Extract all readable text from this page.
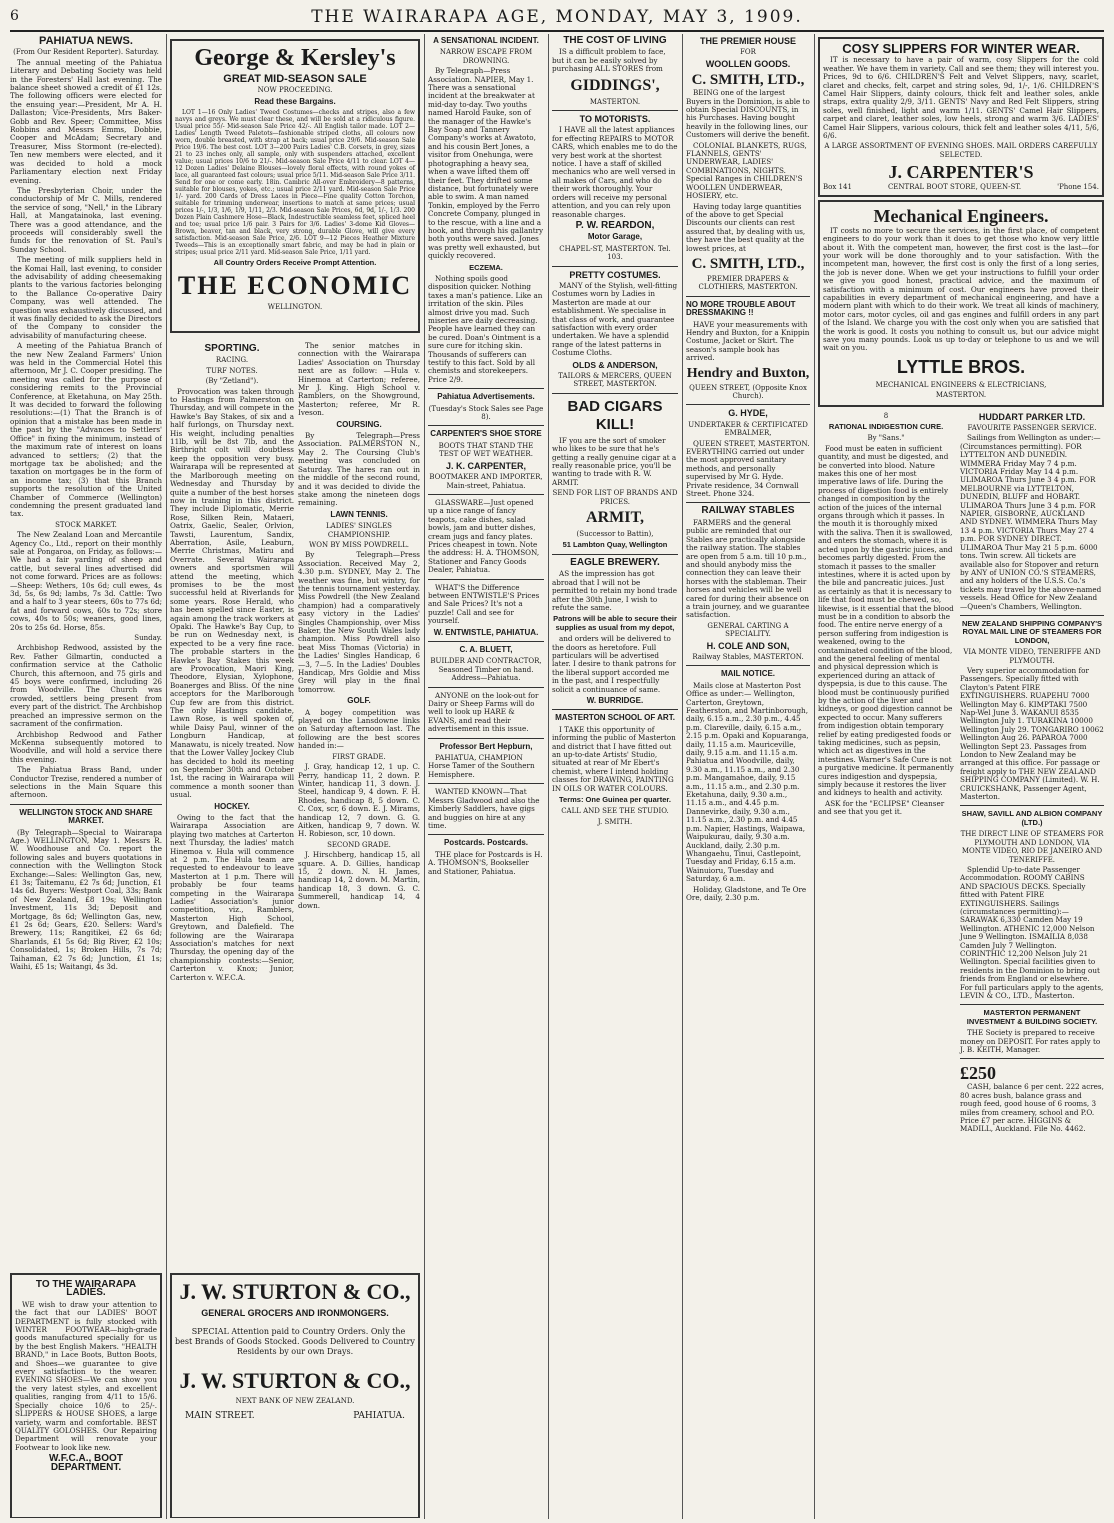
6	THE WAIRARAPA AGE, MONDAY, MAY 3, 1909.
PAHIATUA NEWS.
(From Our Resident Reporter). Saturday.

The annual meeting of the Pahiatua Literary and Debating Society was held in the Foresters' Hall last evening. The balance sheet showed a credit of £1 12s. The following officers were elected for the ensuing year:—President, Mr A. H. Dallaston; Vice-Presidents, Mrs Baker-Gobb and Rev. Speer; Committee, Miss Robbins and Messrs Emms, Dobbie, Cooper and McAdam; Secretary and Treasurer, Miss Stormont (re-elected). Ten new members were elected, and it was decided to hold a mock Parliamentary election next Friday evening.

The Presbyterian Choir, under the conductorship of Mr C. Mills, rendered the service of song, "Nell," in the Library Hall, at Mangatainoka, last evening. There was a good attendance, and the proceeds will considerably swell the funds for the renovation of St. Paul's Sunday School.

The meeting of milk suppliers held in the Komai Hall, last evening, to consider the advisability of adding cheesemaking plants to the various factories belonging to the Ballance Co-operative Dairy Company, was well attended. The question was exhaustively discussed, and it was finally decided to ask the Directors of the Company to consider the advisability of manufacturing cheese.

A meeting of the Pahiatua Branch of the new New Zealand Farmers' Union was held in the Commercial Hotel this afternoon, Mr J. C. Cooper presiding. The meeting was called for the purpose of considering remits to the Provincial Conference, at Eketahuna, on May 25th. It was decided to forward the following resolutions:—(1) That the Branch is of opinion that a mistake has been made in the past by the "Advances to Settlers' Office" in fixing the minimum, instead of the maximum rate of interest on loans advanced to settlers; (2) that the mortgage tax be abolished; and the taxation on mortgages be in the form of an income tax; (3) that this Branch supports the resolution of the United Chamber of Commerce (Wellington) condemning the present graduated land tax.

STOCK MARKET.

The New Zealand Loan and Mercantile Agency Co., Ltd., report on their monthly sale at Pongaroa, on Friday, as follows:—We had a fair yarding of sheep and cattle, but several lines advertised did not come forward. Prices are as follows:—Sheep: Wethers, 10s 6d; cull ewes, 4s 3d, 5s, 6s 9d; lambs, 7s 3d. Cattle: Two and a half to 3 year steers, 60s to 77s 6d; fat and forward cows, 60s to 72s; store cows, 40s to 50s; weaners, good lines, 20s to 25s 6d. Horse, 85s.

Sunday.

Archbishop Redwood, assisted by the Rev. Father Gilmartin, conducted a confirmation service at the Catholic Church, this afternoon, and 75 girls and 45 boys were confirmed, including 26 from Woodville. The Church was crowded, settlers being present from every part of the district. The Archbishop preached an impressive sermon on the sacrament of the confirmation.

Archbishop Redwood and Father McKenna subsequently motored to Woodville, and will hold a service there this evening.

The Pahiatua Brass Band, under Conductor Trezise, rendered a number of selections in the Main Square this afternoon.

WELLINGTON STOCK AND SHARE MARKET.

(By Telegraph—Special to Wairarapa Age.) WELLINGTON, May 1. Messrs R. W. Woodhouse and Co. report the following sales and buyers quotations in connection with the Wellington Stock Exchange:—Sales: Wellington Gas, new, £1 3s; Taitemanu, £2 7s 6d; Junction, £1 14s 6d. Buyers: Westport Coal, 33s; Bank of New Zealand, £8 19s; Wellington Investment, 11s 3d; Deposit and Mortgage, 8s 6d; Wellington Gas, new, £1 2s 6d; Gears, £20. Sellers: Ward's Brewery, 11s; Rangitikei, £2 6s 6d; Sharlands, £1 5s 6d; Big River, £2 10s; Consolidated, 1s; Broken Hills, 7s 7d; Taihaman, £2 7s 6d; Junction, £1 1s; Waihi, £5 1s; Waitangi, 4s 3d.

George & Kersley's
GREAT MID-SEASON SALE
NOW PROCEEDING.
Read these Bargains.

LOT 1—16 Only Ladies' Tweed Costumes—checks and stripes, also a few navys and greys. We must clear these, and will be sold at a ridiculous figure. Usual price 55/- Mid-season Sale Price 42/-. All English tailor made. LOT 2—Ladies' Length Tweed Paletots—fashionable striped cloths, all colours now worn, double breasted, with strap at back; usual price 29/6. Mid-season Sale Price 19/6. The best cost. LOT 3—200 Pairs Ladies' C.B. Corsets, in grey, sizes 21 to 23 inches only, all sample, only with suspenders attached, excellent value; usual prices 10/6 to 21/-. Mid-season Sale Price 4/11 to clear. LOT 4—12 Dozen Ladies' Delaine Blouses—lovely floral effects, with round yokes of lace, all guaranteed fast colours; usual price 5/11. Mid-season Sale Price 3/11. Send for one or come early. 18in. Cambric All-over Embroidery—8 patterns, suitable for blouses, yokes, etc.; usual price 2/11 yard. Mid-season Sale Price 1/- yard. 200 Cards of Dress Laces in Piece—Fine quality Cotton Torchon, suitable for trimming underwear, insertions to match at same prices; usual prices 1/-, 1/3, 1/6, 1/9, 1/11, 2/3. Mid-season Sale Prices, 6d, 9d, 1/-, 1/3. 200 Dozen Plain Cashmere Hose—Black, Indestructible seamless feet, spliced heel and toe; usual price 1/6 pair. 3 Pairs for 3/6. Ladies' 3-dome Kid Gloves—Brown, beaver, tan and black, very strong, durable Glove, will give every satisfaction. Mid-season Sale Price, 2/6. LOT 9—12 Pieces Heather Mixture Tweeds—This is an exceptionally smart fabric, and may be had in plain or stripes; usual price 2/11 yard. Mid-season Sale Price, 1/11 yard.

All Country Orders Receive Prompt Attention.
THE ECONOMIC
WELLINGTON.
SPORTING.
RACING.
TURF NOTES.
(By "Zetland").

Provocation was taken through to Hastings from Palmerston on Thursday, and will compete in the Hawke's Bay Stakes, of six and a half furlongs, on Thursday next. His weight, including penalties 11lb, will be 8st 7lb, and the Birthright colt will doubtless keep the opposition very busy. Wairarapa will be represented at the Marlborough meeting on Wednesday and Thursday by quite a number of the best horses now in training in this district. They include Diplomatic, Merrie Rose, Silken Rein, Mataeri, Oatrix, Gaelic, Sealer, Orlvion, Tawsti, Laurentum, Sandix, Aberration, Asile, Leaburn, Merrie Christmas, Matiru and Overrate. Several Wairarapa owners and sportsmen will attend the meeting, which promises to be the most successful held at Riverlands for some years. Rose Herald, who has been spelled since Easter, is again among the track workers at Opaki. The Hawke's Bay Cup, to be run on Wednesday next, is expected to be a very fine race. The probable starters in the Hawke's Bay Stakes this week are Provocation, Maori King, Theodore, Elysian, Xylophone, Boanerges and Bliss. Of the nine acceptors for the Marlborough Cup few are from this district. The only Hastings candidate, Lawn Rose, is well spoken of, while Daisy Paul, winner of the Longburn Handicap, at Manawatu, is nicely treated. Now that the Lower Valley Jockey Club has decided to hold its meeting on September 30th and October 1st, the racing in Wairarapa will commence a month sooner than usual.

HOCKEY.

Owing to the fact that the Wairarapa Association are playing two matches at Carterton next Thursday, the ladies' match Hinemoa v. Hula will commence at 2 p.m. The Hula team are requested to endeavour to leave Masterton at 1 p.m. There will probably be four teams competing in the Wairarapa Ladies' Association's junior competition, viz., Ramblers, Masterton High School, Greytown, and Dalefield. The following are the Wairarapa Association's matches for next Thursday, the opening day of the championship contests:—Senior, Carterton v. Knox; Junior, Carterton v. W.F.C.A.

The senior matches in connection with the Wairarapa Ladies' Association on Thursday next are as follow: —Hula v. Hinemoa at Carterton; referee, Mr J. King. High School v. Ramblers, on the Showground, Masterton; referee, Mr R. Iveson.

COURSING.

By Telegraph—Press Association. PALMERSTON N., May 2. The Coursing Club's meeting was concluded on Saturday. The hares ran out in the middle of the second round, and it was decided to divide the stake among the nineteen dogs remaining.

LAWN TENNIS.
LADIES' SINGLES CHAMPIONSHIP.
WON BY MISS POWDRELL.

By Telegraph—Press Association. Received May 2, 4.30 p.m. SYDNEY, May 2. The weather was fine, but wintry, for the tennis tournament yesterday. Miss Powdrell (the New Zealand champion) had a comparatively easy victory in the Ladies' Singles Championship, over Miss Baker, the New South Wales lady champion. Miss Powdrell also beat Miss Thomas (Victoria) in the Ladies' Singles Handicap, 6—3, 7—5. In the Ladies' Doubles Handicap, Mrs Goldie and Miss Grey will play in the final tomorrow.

GOLF.

A bogey competition was played on the Lansdowne links on Saturday afternoon last. The following are the best scores handed in:—

FIRST GRADE.

J. Gray, handicap 12, 1 up. C. Perry, handicap 11, 2 down. P. Winter, handicap 11, 3 down. J. Steel, handicap 9, 4 down. F. H. Rhodes, handicap 8, 5 down. C. C. Cox, scr, 6 down. E. J. Mirams, handicap 12, 7 down. G. G. Aitken, handicap 9, 7 down. W. H. Robieson, scr, 10 down.

SECOND GRADE.

J. Hirschberg, handicap 15, all square. A. D. Gillies, handicap 15, 2 down. N. H. James, handicap 14, 2 down. M. Martin, handicap 18, 3 down. G. C. Summerell, handicap 14, 4 down.

A SENSATIONAL INCIDENT.
NARROW ESCAPE FROM DROWNING.

By Telegraph—Press Association. NAPIER, May 1. There was a sensational incident at the breakwater at mid-day to-day. Two youths named Harold Fauke, son of the manager of the Hawke's Bay Soap and Tannery Company's works at Awatoto, and his cousin Bert Jones, a visitor from Onehunga, were photographing a heavy sea, when a wave lifted them off their feet. They drifted some distance, but fortunately were able to swim. A man named Tonkin, employed by the Ferro Concrete Company, plunged in to the rescue, with a line and a hook, and through his gallantry both youths were saved. Jones was pretty well exhausted, but quickly recovered.

ECZEMA.

Nothing spoils good disposition quicker. Nothing taxes a man's patience. Like an irritation of the skin. Piles almost drive you mad. Such miseries are daily decreasing. People have learned they can be cured. Doan's Ointment is a sure cure for itching skin. Thousands of sufferers can testify to this fact. Sold by all chemists and storekeepers. Price 2/9.

Pahiatua Advertisements.
(Tuesday's Stock Sales see Page 8).
CARPENTER'S SHOE STORE
BOOTS THAT STAND THE TEST OF WET WEATHER.
J. K. CARPENTER,
BOOTMAKER AND IMPORTER, Main-street, Pahiatua.

GLASSWARE—Just opened up a nice range of fancy teapots, cake dishes, salad bowls, jam and butter dishes, cream jugs and fancy plates. Prices cheapest in town. Note the address: H. A. THOMSON, Stationer and Fancy Goods Dealer, Pahiatua.

WHAT'S the Difference between ENTWISTLE'S Prices and Sale Prices? It's not a puzzle! Call and see for yourself.

W. ENTWISTLE, PAHIATUA.
C. A. BLUETT,
BUILDER AND CONTRACTOR, Seasoned Timber on hand. Address—Pahiatua.

ANYONE on the look-out for Dairy or Sheep Farms will do well to look up HARE & EVANS, and read their advertisement in this issue.

Professor Bert Hepburn,

PAHIATUA, CHAMPION Horse Tamer of the Southern Hemisphere.

WANTED KNOWN—That Messrs Gladwood and also the Kimberly Saddlers, have gigs and buggies on hire at any time.

Postcards. Postcards.

THE place for Postcards is H. A. THOMSON'S, Bookseller and Stationer, Pahiatua.

THE COST OF LIVING

IS a difficult problem to face, but it can be easily solved by purchasing ALL STORES from

GIDDINGS',
MASTERTON.
TO MOTORISTS.

I HAVE all the latest appliances for effecting REPAIRS to MOTOR CARS, which enables me to do the very best work at the shortest notice. I have a staff of skilled mechanics who are well versed in all makes of Cars, and who do their work thoroughly. Your orders will receive my personal attention, and you can rely upon reasonable charges.

P. W. REARDON,
Motor Garage,
CHAPEL-ST, MASTERTON. Tel. 103.
PRETTY COSTUMES.

MANY of the Stylish, well-fitting Costumes worn by Ladies in Masterton are made at our establishment. We specialise in that class of work, and guarantee satisfaction with every order undertaken. We have a splendid range of the latest patterns in Costume Cloths.

OLDS & ANDERSON,
TAILORS & MERCERS, QUEEN STREET, MASTERTON.
BAD CIGARS KILL!

IF you are the sort of smoker who likes to be sure that he's getting a really genuine cigar at a really reasonable price, you'll be wanting to trade with R. W. ARMIT.

SEND FOR LIST OF BRANDS AND PRICES.
ARMIT,
(Successor to Battin),
51 Lambton Quay, Wellington
EAGLE BREWERY.

AS the impression has got abroad that I will not be permitted to retain my bond trade after the 30th June, I wish to refute the same.

Patrons will be able to secure their supplies as usual from my depot,

and orders will be delivered to the doors as heretofore. Full particulars will be advertised later. I desire to thank patrons for the liberal support accorded me in the past, and I respectfully solicit a continuance of same.

W. BURRIDGE.
MASTERTON SCHOOL OF ART.

I TAKE this opportunity of informing the public of Masterton and district that I have fitted out an up-to-date Artists' Studio, situated at rear of Mr Ebert's chemist, where I intend holding classes for DRAWING, PAINTING IN OILS OR WATER COLOURS.

Terms: One Guinea per quarter.
CALL AND SEE THE STUDIO.
J. SMITH.
THE PREMIER HOUSE
FOR
WOOLLEN GOODS.
C. SMITH, LTD.,

BEING one of the largest Buyers in the Dominion, is able to obtain Special DISCOUNTS, in his Purchases. Having bought heavily in the following lines, our Customers will derive the benefit.

COLONIAL BLANKETS, RUGS, FLANNELS, GENTS' UNDERWEAR, LADIES' COMBINATIONS, NIGHTS. Special Ranges in CHILDREN'S WOOLLEN UNDERWEAR, HOSIERY, etc.

Having today large quantities of the above to get Special Discounts our clients can rest assured that, by dealing with us, they have the best quality at the lowest prices, at

C. SMITH, LTD.,
PREMIER DRAPERS & CLOTHIERS, MASTERTON.
NO MORE TROUBLE ABOUT DRESSMAKING !!

HAVE your measurements with Hendry and Buxton, for a Knippin Costume, Jacket or Skirt. The season's sample book has arrived.

Hendry and Buxton,
QUEEN STREET, (Opposite Knox Church).
G. HYDE,
UNDERTAKER & CERTIFICATED EMBALMER,

QUEEN STREET, MASTERTON. EVERYTHING carried out under the most approved sanitary methods, and personally supervised by Mr G. Hyde. Private residence, 34 Cornwall Street. Phone 324.

RAILWAY STABLES

FARMERS and the general public are reminded that our Stables are practically alongside the railway station. The stables are open from 5 a.m. till 10 p.m., and should anybody miss the connection they can leave their horses with the stableman. Their horses and vehicles will be well cared for during their absence on a train journey, and we guarantee satisfaction.

GENERAL CARTING A SPECIALITY.
H. COLE AND SON,
Railway Stables, MASTERTON.
MAIL NOTICE.

Mails close at Masterton Post Office as under:— Wellington, Carterton, Greytown, Featherston, and Martinborough, daily, 6.15 a.m., 2.30 p.m., 4.45 p.m. Clareville, daily, 6.15 a.m., 2.15 p.m. Opaki and Kopuaranga, daily, 11.15 a.m. Mauriceville, daily, 9.15 a.m. and 11.15 a.m. Pahiatua and Woodville, daily, 9.30 a.m., 11.15 a.m., and 2.30 p.m. Mangamahoe, daily, 9.15 a.m., 11.15 a.m., and 2.30 p.m. Eketahuna, daily, 9.30 a.m., 11.15 a.m., and 4.45 p.m. Dannevirke, daily, 9.30 a.m., 11.15 a.m., 2.30 p.m. and 4.45 p.m. Napier, Hastings, Waipawa, Waipukurau, daily, 9.30 a.m. Auckland, daily, 2.30 p.m. Whangaehu, Tinui, Castlepoint, Tuesday and Friday, 6.15 a.m. Wainuioru, Tuesday and Saturday, 6 a.m.

Holiday, Gladstone, and Te Ore Ore, daily, 2.30 p.m.

COSY SLIPPERS FOR WINTER WEAR.

IT is necessary to have a pair of warm, cosy Slippers for the cold weather. We have them in variety. Call and see them; they will interest you. Prices, 9d to 6/6. CHILDREN'S Felt and Velvet Slippers, navy, scarlet, claret and checks, felt, carpet and string soles, 9d, 1/-, 1/6. CHILDREN'S Camel Hair Slippers, dainty colours, thick felt and leather soles, ankle straps, extra quality 2/9, 3/11. GENTS' Navy and Red Felt Slippers, string soles, well finished, light and warm 1/11. GENTS' Camel Hair Slippers, carpet and claret, leather soles, low heels, strong and warm 3/6. LADIES' Camel Hair Slippers, various colours, thick felt and leather soles 4/11, 5/6, 6/6.

A LARGE ASSORTMENT OF EVENING SHOES. MAIL ORDERS CAREFULLY SELECTED.
J. CARPENTER'S
Box 141	CENTRAL BOOT STORE, QUEEN-ST.	'Phone 154.
Mechanical Engineers.

IT costs no more to secure the services, in the first place, of competent engineers to do your work than it does to get those who know very little about it. With the competent man, however, the first cost is the last—for your work will be done thoroughly and to your satisfaction. With the incompetent man, however, the first cost is only the first of a long series, the job is never done. When we get your instructions to fulfill your order we give you good honest, practical advice, and the maximum of satisfaction with a minimum of cost. Our engineers have proved their capabilities in every department of mechanical engineering, and have a modern plant with which to do their work. We treat all kinds of machinery, motor cars, motor cycles, oil and gas engines and fulfill orders in any part of the Island. We charge you with the cost only when you are satisfied that the work is good. It costs you nothing to consult us, but our advice might save you many pounds. Look us up to-day or telephone to us and we will wait on you.

LYTTLE BROS.
MECHANICAL ENGINEERS & ELECTRICIANS,
MASTERTON.
8
RATIONAL INDIGESTION CURE.
By "Sans."

Food must be eaten in sufficient quantity, and must be digested, and be converted into blood. Nature makes this one of her most imperative laws of life. During the process of digestion food is entirely changed in composition by the action of the juices of the internal organs through which it passes. In the mouth it is thoroughly mixed with the saliva. Then it is swallowed, and enters the stomach, where it is acted upon by the gastric juices, and becomes partly digested. From the stomach it passes to the smaller intestines, where it is acted upon by the bile and pancreatic juices. Just as certainly as that it is necessary to life that food must be chewed, so, likewise, is it essential that the blood must be in a condition to absorb the food. The entire nerve energy of a person suffering from indigestion is weakened, owing to the contaminated condition of the blood, and the general feeling of mental and physical depression which is experienced during an attack of dyspepsia, is due to this cause. The blood must be continuously purified by the action of the liver and kidneys, or good digestion cannot be expected to occur. Many sufferers from indigestion obtain temporary relief by eating predigested foods or taking medicines, such as pepsin, which act as digestives in the intestines. Warner's Safe Cure is not a purgative medicine. It permanently cures indigestion and dyspepsia, simply because it restores the liver and kidneys to health and activity.

ASK for the "ECLIPSE" Cleanser and see that you get it.

HUDDART PARKER LTD.
FAVOURITE PASSENGER SERVICE.

Sailings from Wellington as under:—(Circumstances permitting). FOR LYTTELTON AND DUNEDIN. WIMMERA Friday May 7 4 p.m. VICTORIA Friday May 14 4 p.m. ULIMAROA Thurs June 3 4 p.m. FOR MELBOURNE via LYTTELTON, DUNEDIN, BLUFF and HOBART. ULIMAROA Thurs June 3 4 p.m. FOR NAPIER, GISBORNE, AUCKLAND AND SYDNEY. WIMMERA Thurs May 13 4 p.m. VICTORIA Thurs May 27 4 p.m. FOR SYDNEY DIRECT. ULIMAROA Thur May 21 5 p.m. 6000 tons. Twin screw. All tickets are available also for Stopover and return by ANY of UNION CO.'S STEAMERS, and any holders of the U.S.S. Co.'s tickets may travel by the above-named vessels. Head Office for New Zealand—Queen's Chambers, Wellington.

NEW ZEALAND SHIPPING COMPANY'S ROYAL MAIL LINE OF STEAMERS FOR LONDON,
VIA MONTE VIDEO, TENERIFFE AND PLYMOUTH.

Very superior accommodation for Passengers. Specially fitted with Clayton's Patent FIRE EXTINGUISHERS. RUAPEHU 7000 Wellington May 6. KIMPTAKI 7500 Nap-Wel June 3. WAKANUI 8535 Wellington July 1. TURAKINA 10000 Wellington July 29. TONGARIRO 10062 Wellington Aug 26. PAPAROA 7000 Wellington Sept 23. Passages from London to New Zealand may be arranged at this office. For passage or freight apply to THE NEW ZEALAND SHIPPING COMPANY (Limited). W. H. CRUICKSHANK, Passenger Agent, Masterton.

SHAW, SAVILL AND ALBION COMPANY (LTD.)
THE DIRECT LINE OF STEAMERS FOR PLYMOUTH AND LONDON, VIA MONTE VIDEO, RIO DE JANEIRO AND TENERIFFE.

Splendid Up-to-date Passenger Accommodation. ROOMY CABINS AND SPACIOUS DECKS. Specially fitted with Patent FIRE EXTINGUISHERS. Sailings (circumstances permitting):— SARAWAK 6,330 Camden May 19 Wellington. ATHENIC 12,000 Nelson June 9 Wellington. ISMAILIA 8,038 Camden July 7 Wellington. CORINTHIC 12,200 Nelson July 21 Wellington. Special facilities given to residents in the Dominion to bring out friends from England or elsewhere. For full particulars apply to the agents, LEVIN & CO., LTD., Masterton.

MASTERTON PERMANENT INVESTMENT & BUILDING SOCIETY.

THE Society is prepared to receive money on DEPOSIT. For rates apply to J. B. KEITH, Manager.

£250

CASH, balance 6 per cent. 222 acres, 80 acres bush, balance grass and rough feed, good house of 6 rooms, 3 miles from creamery, school and P.O. Price £7 per acre. HIGGINS & MADILL, Auckland. File No. 4462.

TO THE WAIRARAPA LADIES.

WE wish to draw your attention to the fact that our LADIES' BOOT DEPARTMENT is fully stocked with WINTER FOOTWEAR—high-grade goods manufactured specially for us by the best English Makers. "HEALTH BRAND," in Lace Boots, Button Boots, and Shoes—we guarantee to give every satisfaction to the wearer. EVENING SHOES—We can show you the very latest styles, and excellent qualities, ranging from 4/11 to 15/6. Specially choice 10/6 to 25/-. SLIPPERS & HOUSE SHOES, a large variety, warm and comfortable. BEST QUALITY GOLOSHES. Our Repairing Department will renovate your Footwear to look like new.

W.F.C.A., BOOT DEPARTMENT.
J. W. STURTON & CO.,
GENERAL GROCERS AND IRONMONGERS.

SPECIAL Attention paid to Country Orders. Only the best Brands of Goods Stocked. Goods Delivered to Country Residents by our own Drays.

J. W. STURTON & CO.,
NEXT BANK OF NEW ZEALAND.
MAIN STREET.	PAHIATUA.
